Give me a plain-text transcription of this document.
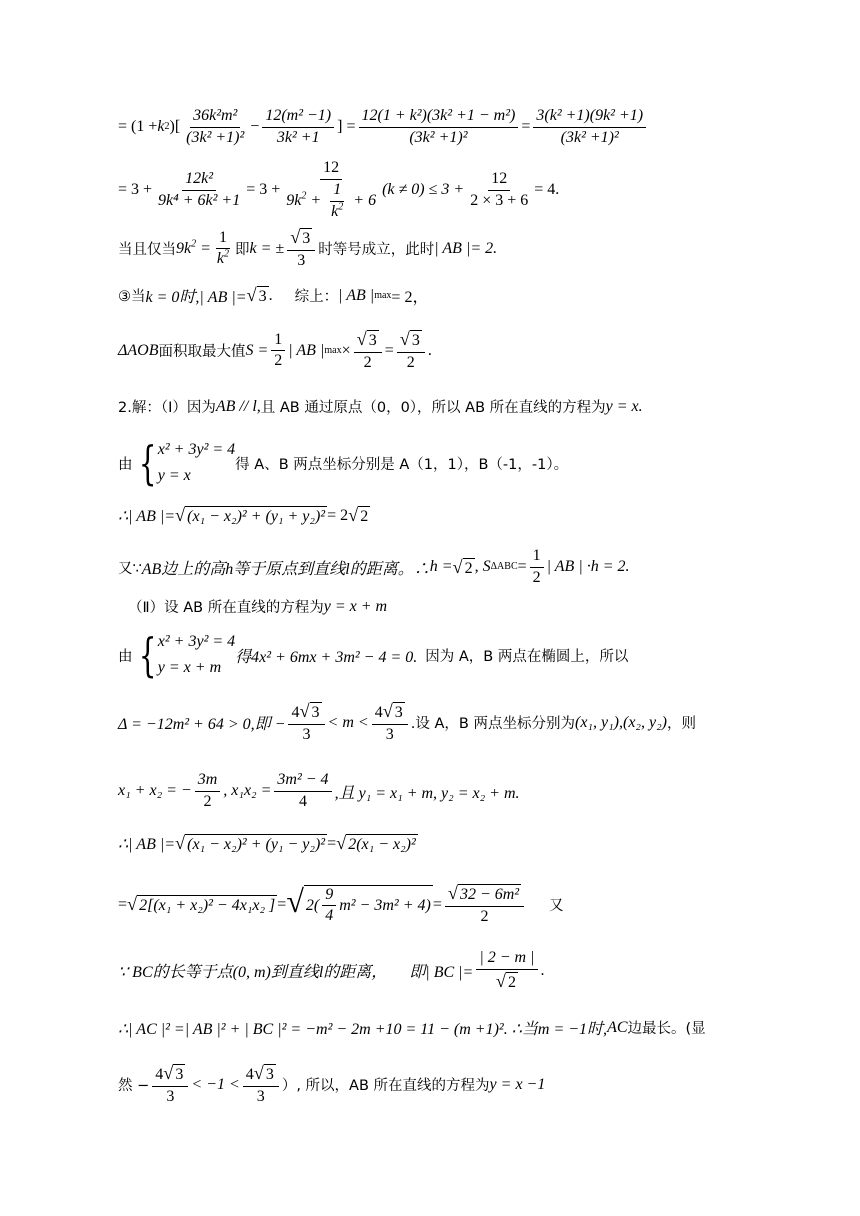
= (1 + k 2 )[ $\frac{\text{36k²m²}}{\text{(3k² +1)²}} - \frac{\text{12(m² −1)}}{\text{3k² +1}}$ ] = $\frac{\text{12(1 + k²)(3k² +1 − m²)}}{\text{(3k² +1)²}} = \frac{\text{3(k² +1)(9k² +1)}}{\text{(3k² +1)²}}$
= $3 + \frac{\text{12k²}}{\text{9k⁴ + 6k² +1}} = 3 + \frac{12}{9k^2 + \frac{1}{k^2} + 6} (k \ne 0) \le 3 + \frac{12}{2 \times 3 + 6} = 4$.
当且仅当 $9k^2 = \frac{1}{k^2}$ 即 k = ± $\frac{√ 3}{3}$ 时等号成立，此时 | AB |= 2.
③当 k = 0时,| AB |= √ 3 . 综上： | AB | max = 2，
ΔAOB 面积取最大值 $S = \frac{1}{2}$ | AB | $\max \times \frac{√ 3}{2} = \frac{√ 3}{2}$ .
2.解：（Ⅰ）因为 AB // l, 且 AB 通过原点（0，0），所以 AB 所在直线的方程为 y = x.
由 { x² + 3y² = 4
y = x
得 A、B 两点坐标分别是 A（1，1），B（-1，-1）。
∴| AB |= √ (x₁ − x₂)² + (y₁ + y₂)² = 2 √ 2
又∵ AB边上的高h等于原点到直线l的距离。∴ h = √ 2 , S $\Delta ABC = \frac{1}{2}$ | AB | ·h = 2.
（Ⅱ）设 AB 所在直线的方程为 y = x + m
由 { x² + 3y² = 4
y = x + m
得4x² + 6mx + 3m² − 4 = 0. 因为 A，B 两点在椭圆上，所以
Δ = −12m² + 64 > 0,即 − $\frac{4 √ 3}{3} < m < \frac{4 √ 3}{3}$ .设 A，B 两点坐标分别为 (x₁, y₁),(x₂, y₂) ，则
x₁ + x₂ = − $\frac{3m}{2}$ , $x_1x_2 = \frac{\text{3m² − 4}}{4}$ ,且 y₁ = x₁ + m, y₂ = x₂ + m.
∴| AB |= √ (x₁ − x₂)² + (y₁ − y₂)² = √ 2(x₁ − x₂)²
= √ 2[(x₁ + x₂)² − 4x₁x₂ ] = √ $2( \frac{9}{4} m^2 - 3m^2 + 4) = \frac{\text{√ 32 − 6m²}}{2}$ 又
∵ BC的长等于点(0, m)到直线l的距离， 即| BC |= $\frac{| 2 - m |}{√ 2}$ .
∴| AC |² =| AB |² + | BC |² = −m² − 2m +10 = 11 − (m +1)². ∴当m = −1时, AC 边最长。(显
然 − $\frac{4 √ 3}{3} < -1 < \frac{4 √ 3}{3}$ ）, 所以，AB 所在直线的方程为 y = x −1
